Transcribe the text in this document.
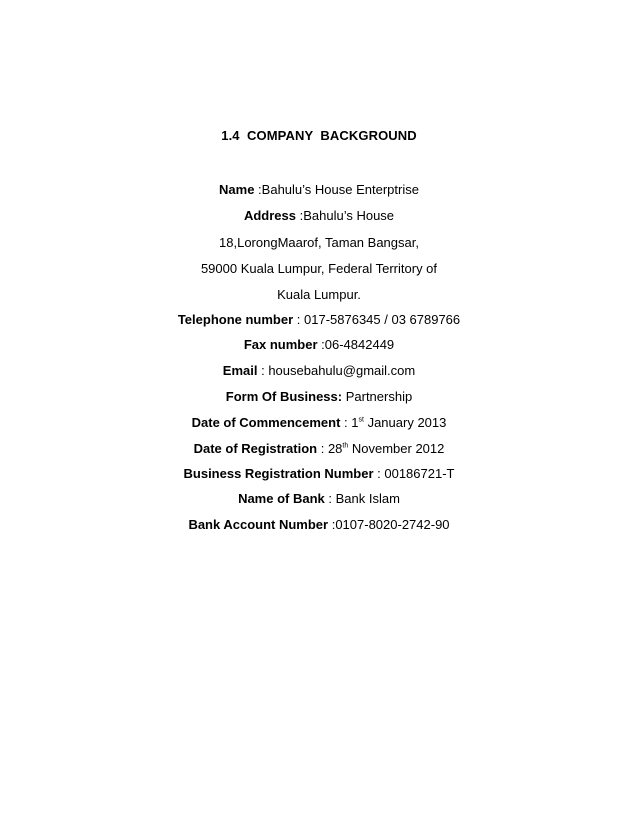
1.4 COMPANY  BACKGROUND
Name :Bahulu’s House Enterptrise
Address :Bahulu’s House
18,LorongMaarof, Taman Bangsar,
59000 Kuala Lumpur, Federal Territory of
Kuala Lumpur.
Telephone number : 017-5876345 / 03 6789766
Fax number :06-4842449
Email : housebahulu@gmail.com
Form Of Business: Partnership
Date of Commencement : 1st January 2013
Date of Registration : 28th November 2012
Business Registration Number : 00186721-T
Name of Bank : Bank Islam
Bank Account Number :0107-8020-2742-90
